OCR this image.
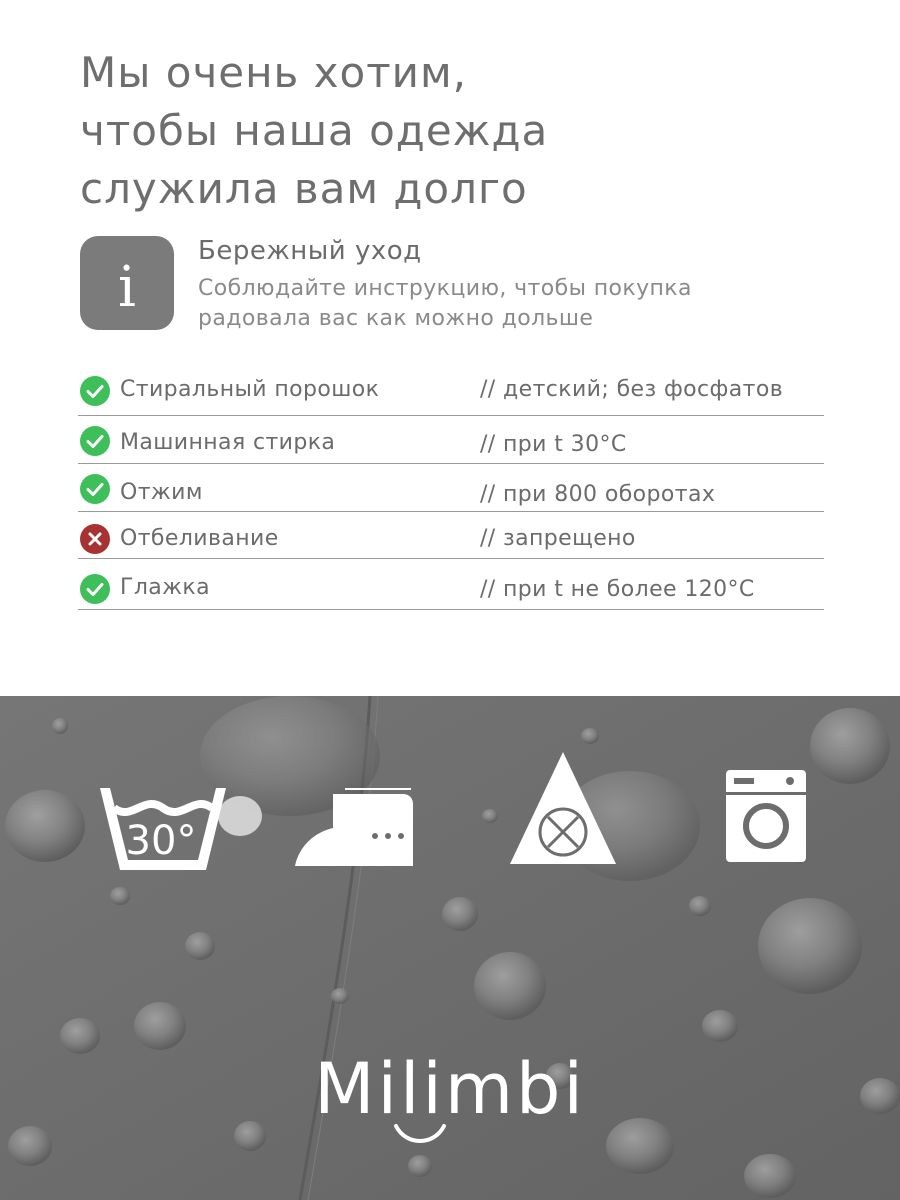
Мы очень хотим,
чтобы наша одежда
служила вам долго
i
Бережный уход
Соблюдайте инструкцию, чтобы покупка
радовала вас как можно дольше
Стиральный порошок	// детский; без фосфатов
Машинная стирка	// при t 30°C
Отжим	// при 800 оборотах
Отбеливание	// запрещено
Глажка	// при t не более 120°C
30°
Milimbi
